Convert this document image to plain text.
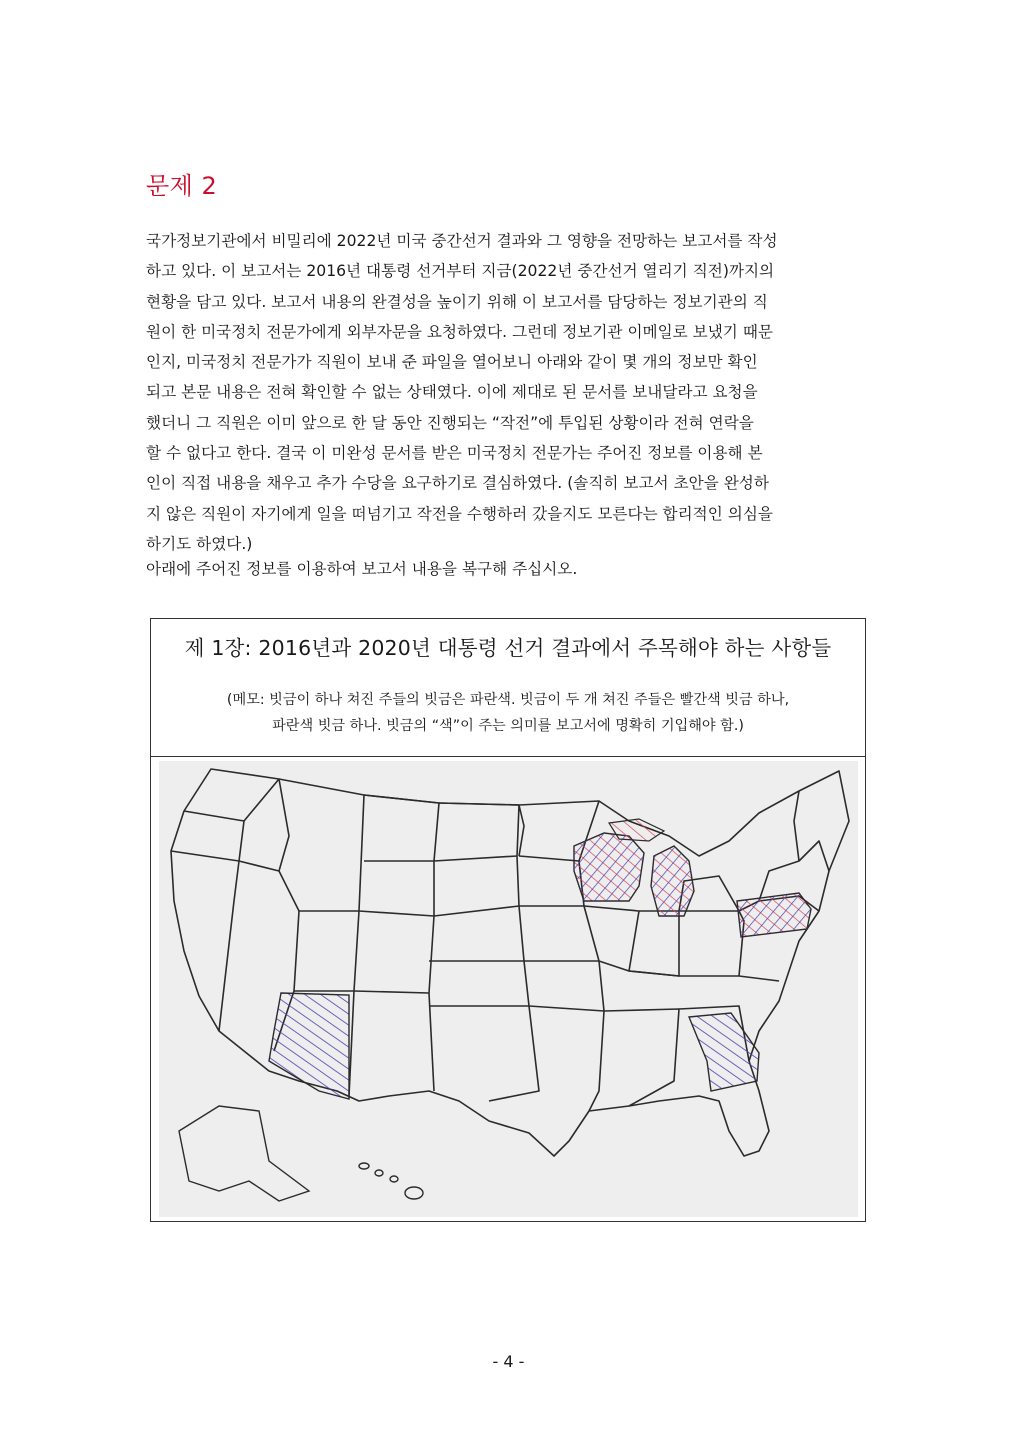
문제 2

국가정보기관에서 비밀리에 2022년 미국 중간선거 결과와 그 영향을 전망하는 보고서를 작성

하고 있다. 이 보고서는 2016년 대통령 선거부터 지금(2022년 중간선거 열리기 직전)까지의

현황을 담고 있다. 보고서 내용의 완결성을 높이기 위해 이 보고서를 담당하는 정보기관의 직

원이 한 미국정치 전문가에게 외부자문을 요청하였다. 그런데 정보기관 이메일로 보냈기 때문

인지, 미국정치 전문가가 직원이 보내 준 파일을 열어보니 아래와 같이 몇 개의 정보만 확인

되고 본문 내용은 전혀 확인할 수 없는 상태였다. 이에 제대로 된 문서를 보내달라고 요청을

했더니 그 직원은 이미 앞으로 한 달 동안 진행되는 “작전”에 투입된 상황이라 전혀 연락을

할 수 없다고 한다. 결국 이 미완성 문서를 받은 미국정치 전문가는 주어진 정보를 이용해 본

인이 직접 내용을 채우고 추가 수당을 요구하기로 결심하였다. (솔직히 보고서 초안을 완성하

지 않은 직원이 자기에게 일을 떠넘기고 작전을 수행하러 갔을지도 모른다는 합리적인 의심을

하기도 하였다.)

아래에 주어진 정보를 이용하여 보고서 내용을 복구해 주십시오.
제 1장: 2016년과 2020년 대통령 선거 결과에서 주목해야 하는 사항들
(메모: 빗금이 하나 쳐진 주들의 빗금은 파란색. 빗금이 두 개 쳐진 주들은 빨간색 빗금 하나,
파란색 빗금 하나. 빗금의 “색”이 주는 의미를 보고서에 명확히 기입해야 함.)
- 4 -
